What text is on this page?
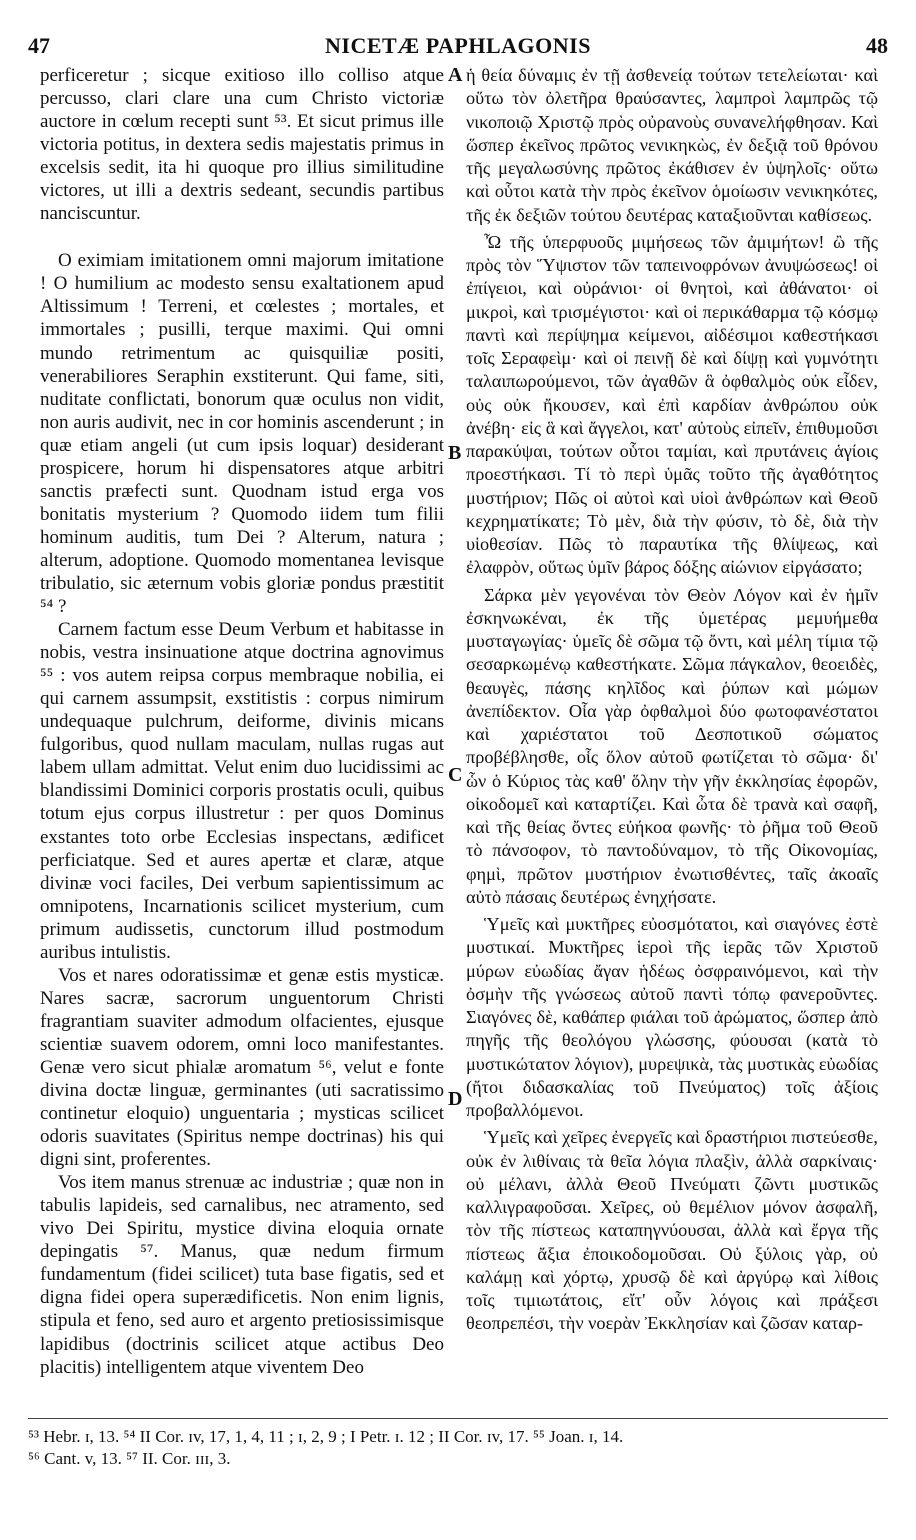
47	NICETÆ PAPHLAGONIS	48

perficeretur ; sicque exitioso illo colliso atque percusso, clari clare una cum Christo victoriæ auctore in cœlum recepti sunt ⁵³. Et sicut primus ille victoria potitus, in dextera sedis majestatis primus in excelsis sedit, ita hi quoque pro illius similitudine victores, ut illi a dextris sedeant, secundis partibus nanciscuntur.

O eximiam imitationem omni majorum imitatione ! O humilium ac modesto sensu exaltationem apud Altissimum ! Terreni, et cœlestes ; mortales, et immortales ; pusilli, terque maximi. Qui omni mundo retrimentum ac quisquiliæ positi, venerabiliores Seraphin exstiterunt. Qui fame, siti, nuditate conflictati, bonorum quæ oculus non vidit, non auris audivit, nec in cor hominis ascenderunt ; in quæ etiam angeli (ut cum ipsis loquar) desiderant prospicere, horum hi dispensatores atque arbitri sanctis præfecti sunt. Quodnam istud erga vos bonitatis mysterium ? Quomodo iidem tum filii hominum auditis, tum Dei ? Alterum, natura ; alterum, adoptione. Quomodo momentanea levisque tribulatio, sic æternum vobis gloriæ pondus præstitit ⁵⁴ ?

Carnem factum esse Deum Verbum et habitasse in nobis, vestra insinuatione atque doctrina agnovimus ⁵⁵ : vos autem reipsa corpus membraque nobilia, ei qui carnem assumpsit, exstitistis : corpus nimirum undequaque pulchrum, deiforme, divinis micans fulgoribus, quod nullam maculam, nullas rugas aut labem ullam admittat. Velut enim duo lucidissimi ac blandissimi Dominici corporis prostatis oculi, quibus totum ejus corpus illustretur : per quos Dominus exstantes toto orbe Ecclesias inspectans, ædificet perficiatque. Sed et aures apertæ et claræ, atque divinæ voci faciles, Dei verbum sapientissimum ac omnipotens, Incarnationis scilicet mysterium, cum primum audissetis, cunctorum illud postmodum auribus intulistis.

Vos et nares odoratissimæ et genæ estis mysticæ. Nares sacræ, sacrorum unguentorum Christi fragrantiam suaviter admodum olfacientes, ejusque scientiæ suavem odorem, omni loco manifestantes. Genæ vero sicut phialæ aromatum ⁵⁶, velut e fonte divina doctæ linguæ, germinantes (uti sacratissimo continetur eloquio) unguentaria ; mysticas scilicet odoris suavitates (Spiritus nempe doctrinas) his qui digni sint, proferentes.

Vos item manus strenuæ ac industriæ ; quæ non in tabulis lapideis, sed carnalibus, nec atramento, sed vivo Dei Spiritu, mystice divina eloquia ornate depingatis ⁵⁷. Manus, quæ nedum firmum fundamentum (fidei scilicet) tuta base figatis, sed et digna fidei opera superædificetis. Non enim lignis, stipula et feno, sed auro et argento pretiosissimisque lapidibus (doctrinis scilicet atque actibus Deo placitis) intelligentem atque viventem Deo

A
B
C
D

ἡ θεία δύναμις ἐν τῇ ἀσθενείᾳ τούτων τετελείωται· καὶ οὕτω τὸν ὀλετῆρα θραύσαντες, λαμπροὶ λαμπρῶς τῷ νικοποιῷ Χριστῷ πρὸς οὐρανοὺς συνανελήφθησαν. Καὶ ὥσπερ ἐκεῖνος πρῶτος νενικηκὼς, ἐν δεξιᾷ τοῦ θρόνου τῆς μεγαλωσύνης πρῶτος ἐκάθισεν ἐν ὑψηλοῖς· οὕτω καὶ οὗτοι κατὰ τὴν πρὸς ἐκεῖνον ὁμοίωσιν νενικηκότες, τῆς ἐκ δεξιῶν τούτου δευτέρας καταξιοῦνται καθίσεως.

Ὦ τῆς ὑπερφυοῦς μιμήσεως τῶν ἀμιμήτων! ὢ τῆς πρὸς τὸν Ὕψιστον τῶν ταπεινοφρόνων ἀνυψώσεως! οἱ ἐπίγειοι, καὶ οὐράνιοι· οἱ θνητοὶ, καὶ ἀθάνατοι· οἱ μικροὶ, καὶ τρισμέγιστοι· καὶ οἱ περικάθαρμα τῷ κόσμῳ παντὶ καὶ περίψημα κείμενοι, αἰδέσιμοι καθεστήκασι τοῖς Σεραφεὶμ· καὶ οἱ πεινῇ δὲ καὶ δίψῃ καὶ γυμνότητι ταλαιπωρούμενοι, τῶν ἀγαθῶν ἃ ὀφθαλμὸς οὐκ εἶδεν, οὐς οὐκ ἤκουσεν, καὶ ἐπὶ καρδίαν ἀνθρώπου οὐκ ἀνέβη· εἰς ἃ καὶ ἄγγελοι, κατ' αὐτοὺς εἰπεῖν, ἐπιθυμοῦσι παρακύψαι, τούτων οὗτοι ταμίαι, καὶ πρυτάνεις ἁγίοις προεστήκασι. Τί τὸ περὶ ὑμᾶς τοῦτο τῆς ἀγαθότητος μυστήριον; Πῶς οἱ αὐτοὶ καὶ υἱοὶ ἀνθρώπων καὶ Θεοῦ κεχρηματίκατε; Τὸ μὲν, διὰ τὴν φύσιν, τὸ δὲ, διὰ τὴν υἱοθεσίαν. Πῶς τὸ παραυτίκα τῆς θλίψεως, καὶ ἐλαφρὸν, οὕτως ὑμῖν βάρος δόξης αἰώνιον εἰργάσατο;

Σάρκα μὲν γεγονέναι τὸν Θεὸν Λόγον καὶ ἐν ἡμῖν ἐσκηνωκέναι, ἐκ τῆς ὑμετέρας μεμυήμεθα μυσταγωγίας· ὑμεῖς δὲ σῶμα τῷ ὄντι, καὶ μέλη τίμια τῷ σεσαρκωμένῳ καθεστήκατε. Σῶμα πάγκαλον, θεοειδὲς, θεαυγὲς, πάσης κηλῖδος καὶ ῥύπων καὶ μώμων ἀνεπίδεκτον. Οἷα γὰρ ὀφθαλμοὶ δύο φωτοφανέστατοι καὶ χαριέστατοι τοῦ Δεσποτικοῦ σώματος προβέβλησθε, οἷς ὅλον αὐτοῦ φωτίζεται τὸ σῶμα· δι' ὧν ὁ Κύριος τὰς καθ' ὅλην τὴν γῆν ἐκκλησίας ἐφορῶν, οἰκοδομεῖ καὶ καταρτίζει. Καὶ ὦτα δὲ τρανὰ καὶ σαφῆ, καὶ τῆς θείας ὄντες εὐήκοα φωνῆς· τὸ ῥῆμα τοῦ Θεοῦ τὸ πάνσοφον, τὸ παντοδύναμον, τὸ τῆς Οἰκονομίας, φημὶ, πρῶτον μυστήριον ἐνωτισθέντες, ταῖς ἀκοαῖς αὐτὸ πάσαις δευτέρως ἐνηχήσατε.

Ὑμεῖς καὶ μυκτῆρες εὐοσμότατοι, καὶ σιαγόνες ἐστὲ μυστικαί. Μυκτῆρες ἱεροὶ τῆς ἱερᾶς τῶν Χριστοῦ μύρων εὐωδίας ἄγαν ἡδέως ὀσφραινόμενοι, καὶ τὴν ὀσμὴν τῆς γνώσεως αὐτοῦ παντὶ τόπῳ φανεροῦντες. Σιαγόνες δὲ, καθάπερ φιάλαι τοῦ ἀρώματος, ὥσπερ ἀπὸ πηγῆς τῆς θεολόγου γλώσσης, φύουσαι (κατὰ τὸ μυστικώτατον λόγιον), μυρεψικὰ, τὰς μυστικὰς εὐωδίας (ἤτοι διδασκαλίας τοῦ Πνεύματος) τοῖς ἀξίοις προβαλλόμενοι.

Ὑμεῖς καὶ χεῖρες ἐνεργεῖς καὶ δραστήριοι πιστεύεσθε, οὐκ ἐν λιθίναις τὰ θεῖα λόγια πλαξὶν, ἀλλὰ σαρκίναις· οὐ μέλανι, ἀλλὰ Θεοῦ Πνεύματι ζῶντι μυστικῶς καλλιγραφοῦσαι. Χεῖρες, οὐ θεμέλιον μόνον ἀσφαλῆ, τὸν τῆς πίστεως καταπηγνύουσαι, ἀλλὰ καὶ ἔργα τῆς πίστεως ἄξια ἐποικοδομοῦσαι. Οὐ ξύλοις γὰρ, οὐ καλάμῃ καὶ χόρτῳ, χρυσῷ δὲ καὶ ἀργύρῳ καὶ λίθοις τοῖς τιμιωτάτοις, εἴτ' οὖν λόγοις καὶ πράξεσι θεοπρεπέσι, τὴν νοερὰν Ἐκκλησίαν καὶ ζῶσαν καταρ-

⁵³ Hebr. ɪ, 13. ⁵⁴ II Cor. ɪv, 17, 1, 4, 11 ; ɪ, 2, 9 ; I Petr. ɪ. 12 ; II Cor. ɪv, 17. ⁵⁵ Joan. ɪ, 14.
⁵⁶ Cant. v, 13. ⁵⁷ II. Cor. ɪɪɪ, 3.
